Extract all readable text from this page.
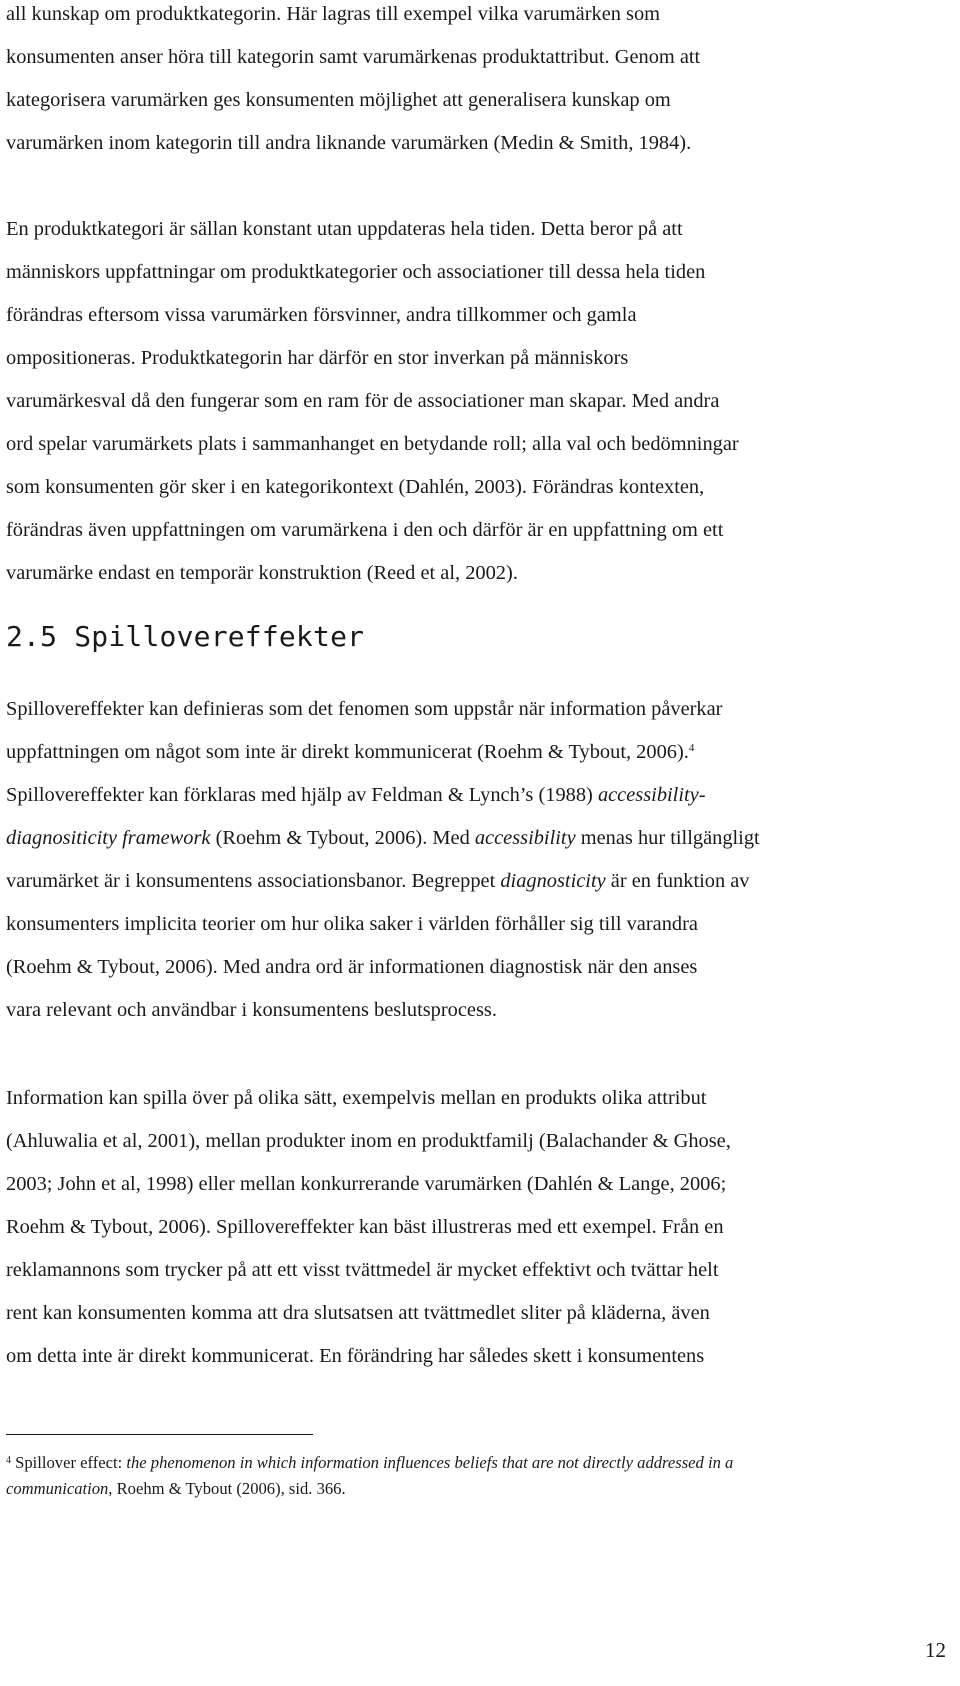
all kunskap om produktkategorin. Här lagras till exempel vilka varumärken som
konsumenten anser höra till kategorin samt varumärkenas produktattribut. Genom att
kategorisera varumärken ges konsumenten möjlighet att generalisera kunskap om
varumärken inom kategorin till andra liknande varumärken (Medin & Smith, 1984).

En produktkategori är sällan konstant utan uppdateras hela tiden. Detta beror på att
människors uppfattningar om produktkategorier och associationer till dessa hela tiden
förändras eftersom vissa varumärken försvinner, andra tillkommer och gamla
ompositioneras. Produktkategorin har därför en stor inverkan på människors
varumärkesval då den fungerar som en ram för de associationer man skapar. Med andra
ord spelar varumärkets plats i sammanhanget en betydande roll; alla val och bedömningar
som konsumenten gör sker i en kategorikontext (Dahlén, 2003). Förändras kontexten,
förändras även uppfattningen om varumärkena i den och därför är en uppfattning om ett
varumärke endast en temporär konstruktion (Reed et al, 2002).

2.5 Spillovereffekter

Spillovereffekter kan definieras som det fenomen som uppstår när information påverkar
uppfattningen om något som inte är direkt kommunicerat (Roehm & Tybout, 2006).$^4$
Spillovereffekter kan förklaras med hjälp av Feldman & Lynch’s (1988) accessibility-
diagnositicity framework (Roehm & Tybout, 2006). Med accessibility menas hur tillgängligt
varumärket är i konsumentens associationsbanor. Begreppet diagnosticity är en funktion av
konsumenters implicita teorier om hur olika saker i världen förhåller sig till varandra
(Roehm & Tybout, 2006). Med andra ord är informationen diagnostisk när den anses
vara relevant och användbar i konsumentens beslutsprocess.

Information kan spilla över på olika sätt, exempelvis mellan en produkts olika attribut
(Ahluwalia et al, 2001), mellan produkter inom en produktfamilj (Balachander & Ghose,
2003; John et al, 1998) eller mellan konkurrerande varumärken (Dahlén & Lange, 2006;
Roehm & Tybout, 2006). Spillovereffekter kan bäst illustreras med ett exempel. Från en
reklamannons som trycker på att ett visst tvättmedel är mycket effektivt och tvättar helt
rent kan konsumenten komma att dra slutsatsen att tvättmedlet sliter på kläderna, även
om detta inte är direkt kommunicerat. En förändring har således skett i konsumentens

$^4$ Spillover effect: the phenomenon in which information influences beliefs that are not directly addressed in a
communication, Roehm & Tybout (2006), sid. 366.

12
